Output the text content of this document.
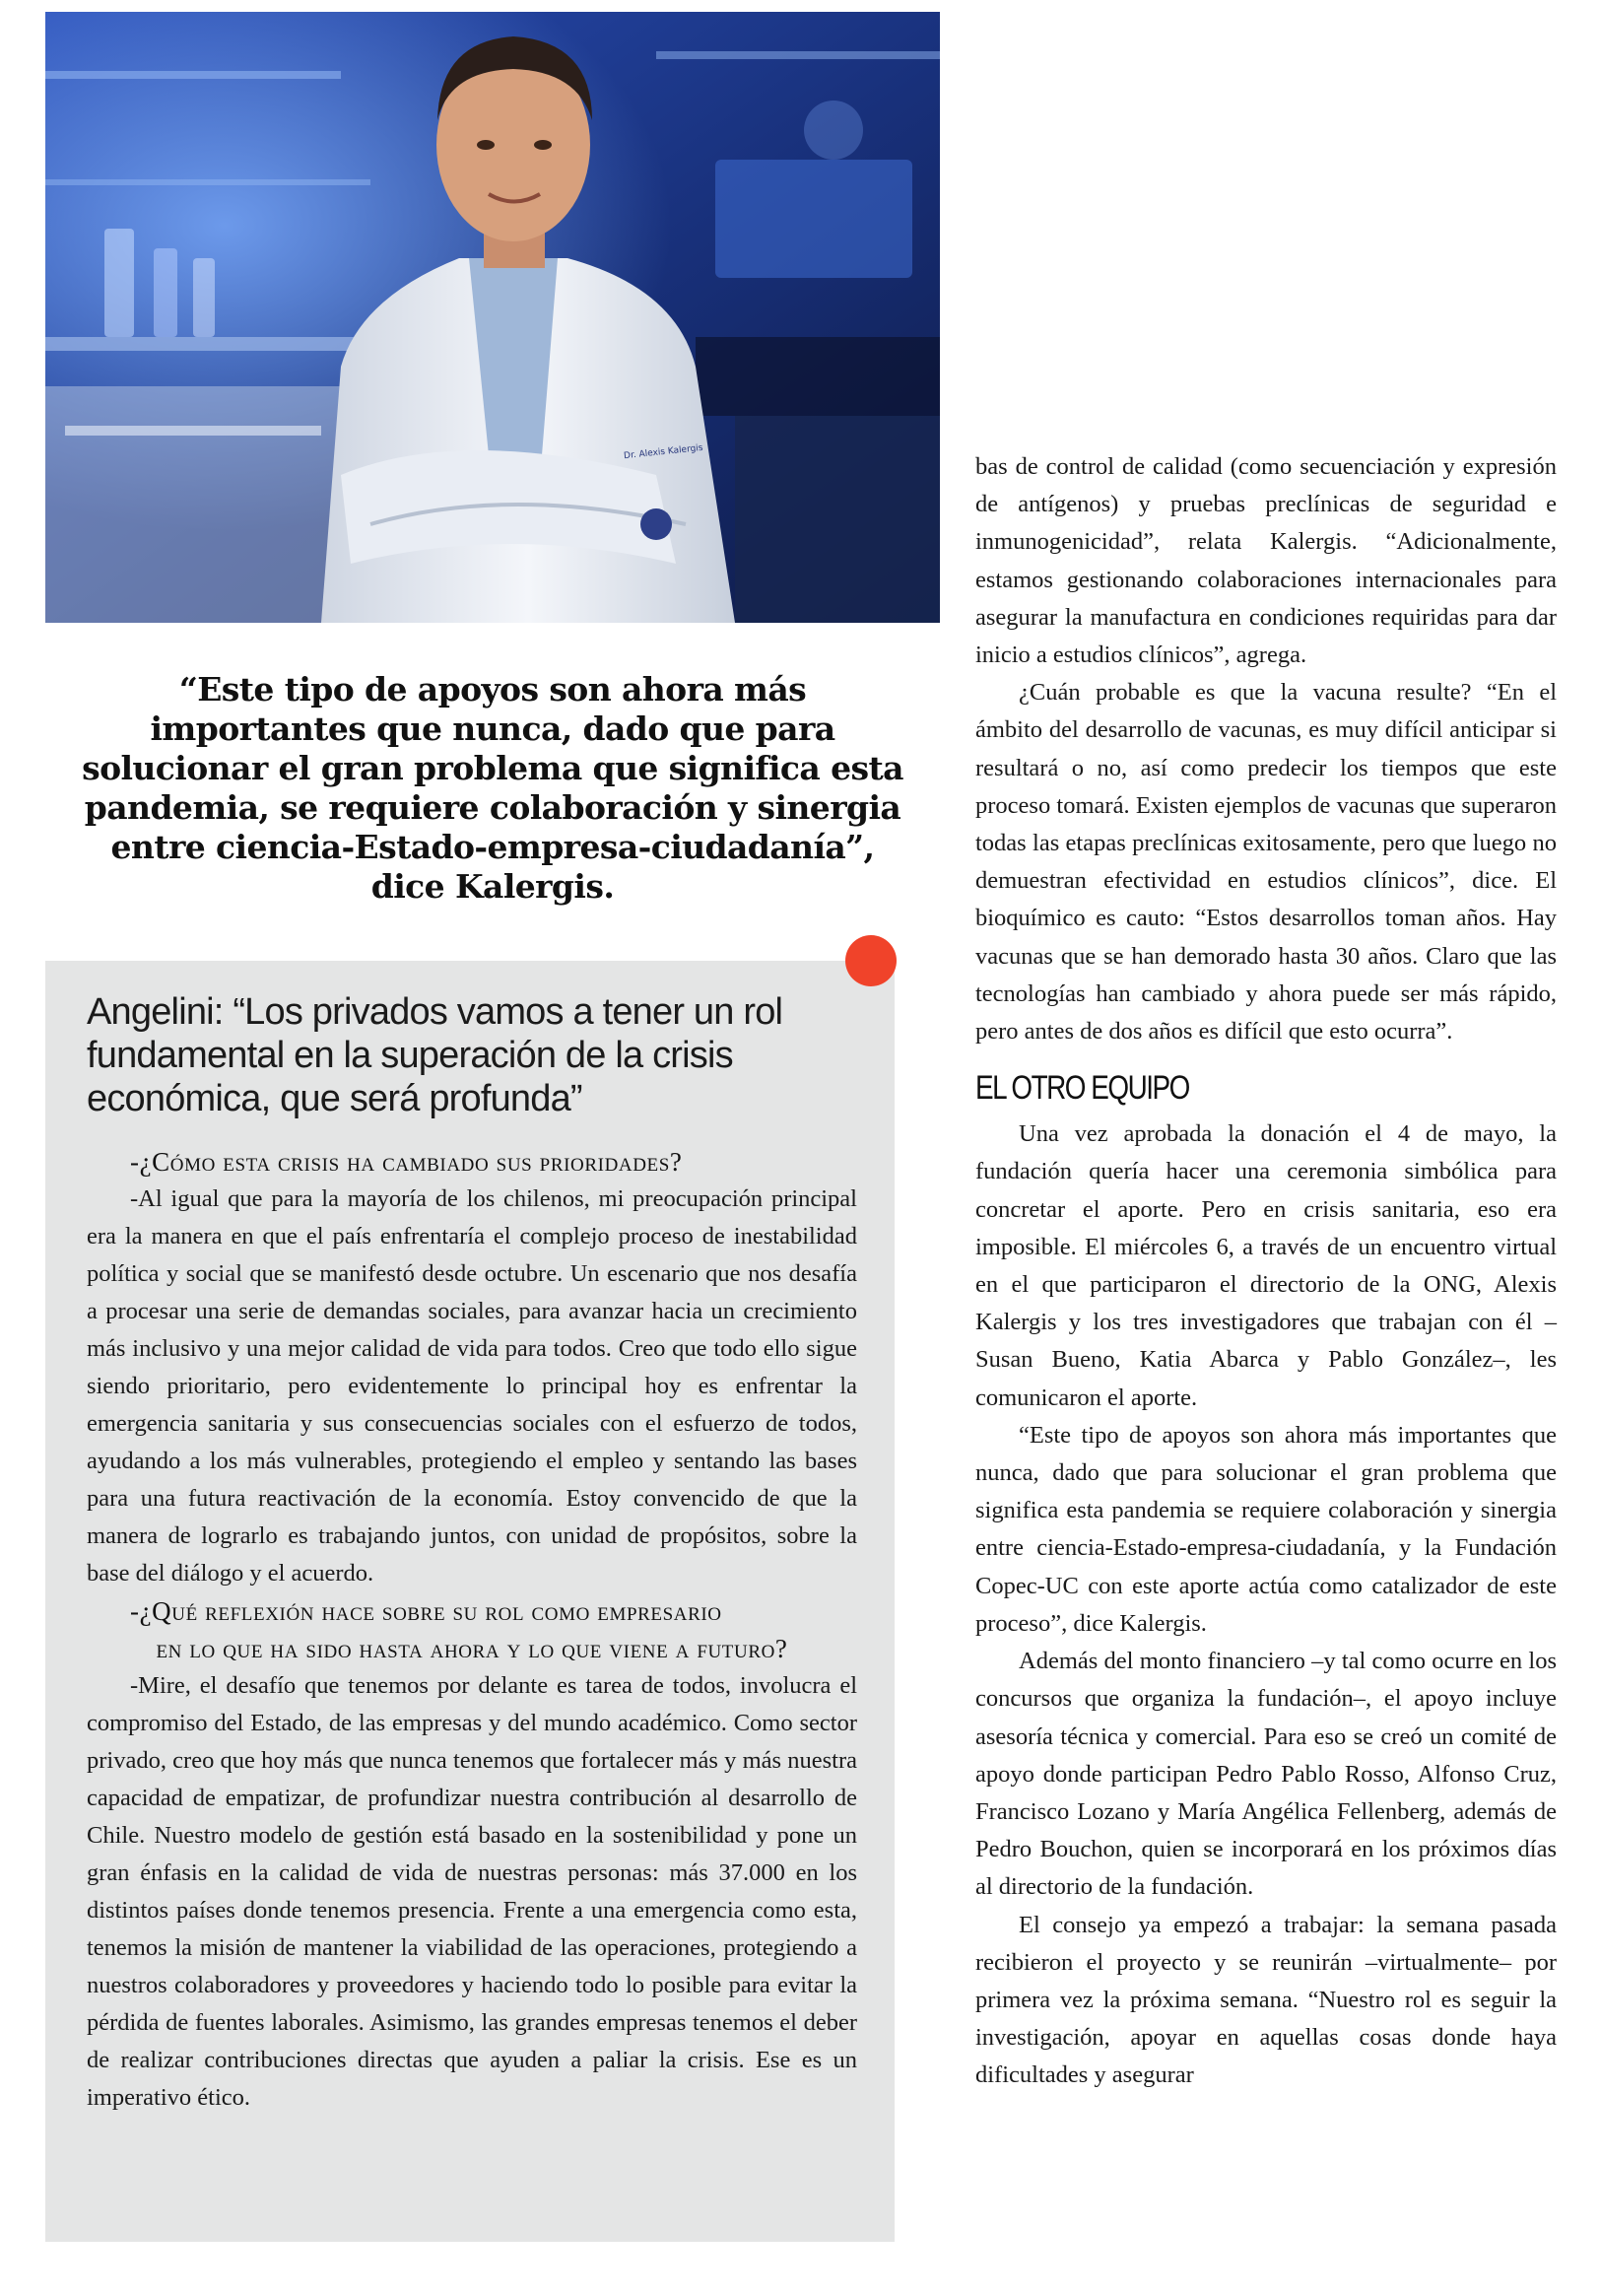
Dr. Alexis Kalergis
“Este tipo de apoyos son ahora más importantes que nunca, dado que para solucionar el gran problema que significa esta pandemia, se requiere colaboración y sinergia entre ciencia-Estado-empresa-ciudadanía”, dice Kalergis.
Angelini: “Los privados vamos a tener un rol fundamental en la superación de la crisis económica, que será profunda”

-¿Cómo esta crisis ha cambiado sus prioridades?

-Al igual que para la mayoría de los chilenos, mi preocupación principal era la manera en que el país enfrentaría el complejo proceso de inestabilidad política y social que se manifestó desde octubre. Un escenario que nos desafía a procesar una serie de demandas sociales, para avanzar hacia un crecimiento más inclusivo y una mejor calidad de vida para todos. Creo que todo ello sigue siendo prioritario, pero evidentemente lo principal hoy es enfrentar la emergencia sanitaria y sus consecuencias sociales con el esfuerzo de todos, ayudando a los más vulnerables, protegiendo el empleo y sentando las bases para una futura reactivación de la economía. Estoy convencido de que la manera de lograrlo es trabajando juntos, con unidad de propósitos, sobre la base del diálogo y el acuerdo.

-¿Qué reflexión hace sobre su rol como empresario

en lo que ha sido hasta ahora y lo que viene a futuro?

-Mire, el desafío que tenemos por delante es tarea de todos, involucra el compromiso del Estado, de las empresas y del mundo académico. Como sector privado, creo que hoy más que nunca tenemos que fortalecer más y más nuestra capacidad de empatizar, de profundizar nuestra contribución al desarrollo de Chile. Nuestro modelo de gestión está basado en la sostenibilidad y pone un gran énfasis en la calidad de vida de nuestras personas: más 37.000 en los distintos países donde tenemos presencia. Frente a una emergencia como esta, tenemos la misión de mantener la viabilidad de las operaciones, protegiendo a nuestros colaboradores y proveedores y haciendo todo lo posible para evitar la pérdida de fuentes laborales. Asimismo, las grandes empresas tenemos el deber de realizar contribuciones directas que ayuden a paliar la crisis. Ese es un imperativo ético.

bas de control de calidad (como secuenciación y expresión de antígenos) y pruebas preclínicas de seguridad e inmunogenicidad”, relata Kalergis. “Adicionalmente, estamos gestionando colaboraciones internacionales para asegurar la manufactura en condiciones requiridas para dar inicio a estudios clínicos”, agrega.

¿Cuán probable es que la vacuna resulte? “En el ámbito del desarrollo de vacunas, es muy difícil anticipar si resultará o no, así como predecir los tiempos que este proceso tomará. Existen ejemplos de vacunas que superaron todas las etapas preclínicas exitosamente, pero que luego no demuestran efectividad en estudios clínicos”, dice. El bioquímico es cauto: “Estos desarrollos toman años. Hay vacunas que se han demorado hasta 30 años. Claro que las tecnologías han cambiado y ahora puede ser más rápido, pero antes de dos años es difícil que esto ocurra”.

EL OTRO EQUIPO

Una vez aprobada la donación el 4 de mayo, la fundación quería hacer una ceremonia simbólica para concretar el aporte. Pero en crisis sanitaria, eso era imposible. El miércoles 6, a través de un encuentro virtual en el que participaron el directorio de la ONG, Alexis Kalergis y los tres investigadores que trabajan con él –Susan Bueno, Katia Abarca y Pablo González–, les comunicaron el aporte.

“Este tipo de apoyos son ahora más importantes que nunca, dado que para solucionar el gran problema que significa esta pandemia se requiere colaboración y sinergia entre ciencia-Estado-empresa-ciudadanía, y la Fundación Copec-UC con este aporte actúa como catalizador de este proceso”, dice Kalergis.

Además del monto financiero –y tal como ocurre en los concursos que organiza la fundación–, el apoyo incluye asesoría técnica y comercial. Para eso se creó un comité de apoyo donde participan Pedro Pablo Rosso, Alfonso Cruz, Francisco Lozano y María Angélica Fellenberg, además de Pedro Bouchon, quien se incorporará en los próximos días al directorio de la fundación.

El consejo ya empezó a trabajar: la semana pasada recibieron el proyecto y se reunirán –virtualmente– por primera vez la próxima semana. “Nuestro rol es seguir la investigación, apoyar en aquellas cosas donde haya dificultades y asegurar
